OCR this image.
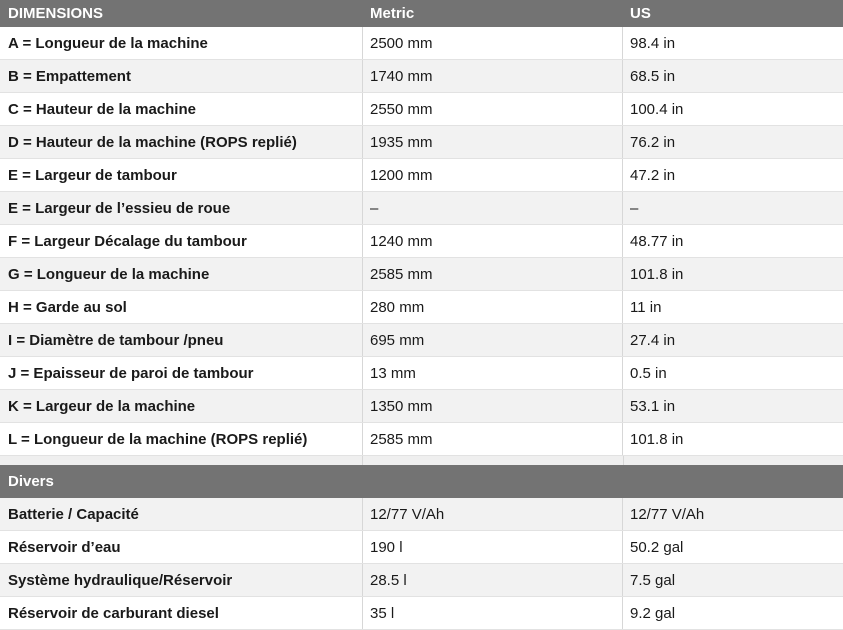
DIMENSIONS	Metric	US
A = Longueur de la machine	2500 mm	98.4 in
B = Empattement	1740 mm	68.5 in
C = Hauteur de la machine	2550 mm	100.4 in
D = Hauteur de la machine (ROPS replié)	1935 mm	76.2 in
E = Largeur de tambour	1200 mm	47.2 in
E = Largeur de l’essieu de roue	–	–
F = Largeur Décalage du tambour	1240 mm	48.77 in
G = Longueur de la machine	2585 mm	101.8 in
H = Garde au sol	280 mm	11 in
I = Diamètre de tambour /pneu	695 mm	27.4 in
J = Epaisseur de paroi de tambour	13 mm	0.5 in
K = Largeur de la machine	1350 mm	53.1 in
L = Longueur de la machine (ROPS replié)	2585 mm	101.8 in
Divers
Batterie / Capacité	12/77 V/Ah	12/77 V/Ah
Réservoir d’eau	190 l	50.2 gal
Système hydraulique/Réservoir	28.5 l	7.5 gal
Réservoir de carburant diesel	35 l	9.2 gal
